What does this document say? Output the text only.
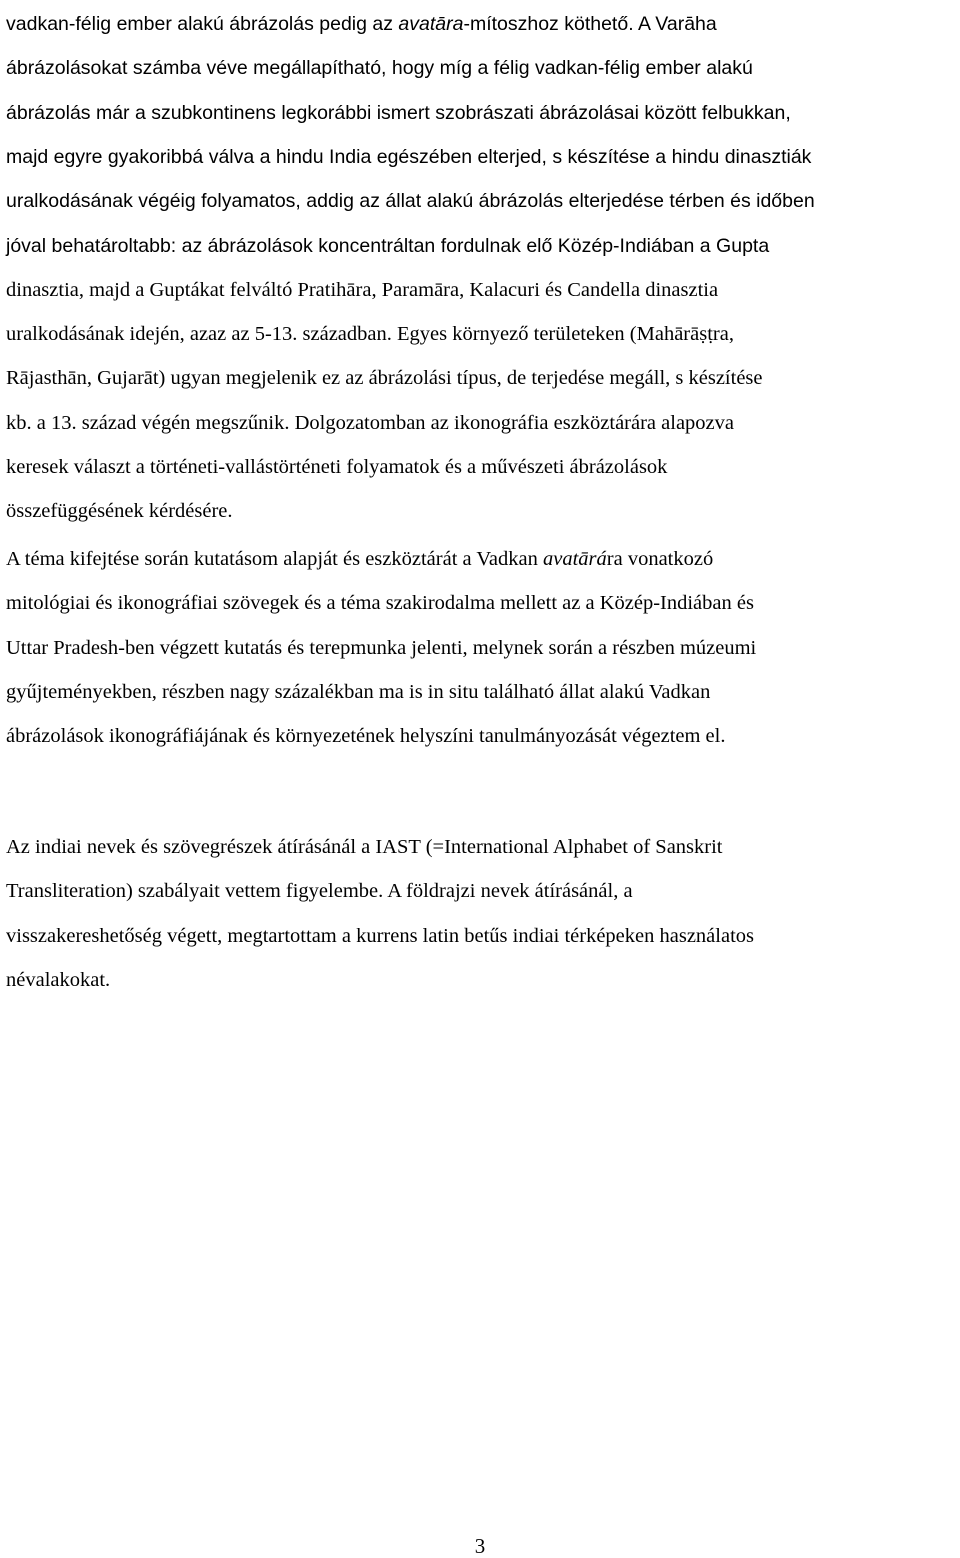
vadkan-félig ember alakú ábrázolás pedig az avatāra-mítoszhoz köthető. A Varāha
ábrázolásokat számba véve megállapítható, hogy míg a félig vadkan-félig ember alakú
ábrázolás már a szubkontinens legkorábbi ismert szobrászati ábrázolásai között felbukkan,
majd egyre gyakoribbá válva a hindu India egészében elterjed, s készítése a hindu dinasztiák
uralkodásának végéig folyamatos, addig az állat alakú ábrázolás elterjedése térben és időben
jóval behatároltabb: az ábrázolások koncentráltan fordulnak elő Közép-Indiában a Gupta
dinasztia, majd a Guptákat felváltó Pratihāra, Paramāra, Kalacuri és Candella dinasztia
uralkodásának idején, azaz az 5-13. században. Egyes környező területeken (Mahārāṣṭra,
Rājasthān, Gujarāt) ugyan megjelenik ez az ábrázolási típus, de terjedése megáll, s készítése
kb. a 13. század végén megszűnik. Dolgozatomban az ikonográfia eszköztárára alapozva
keresek választ a történeti-vallástörténeti folyamatok és a művészeti ábrázolások
összefüggésének kérdésére.
A téma kifejtése során kutatásom alapját és eszköztárát a Vadkan avatārára vonatkozó
mitológiai és ikonográfiai szövegek és a téma szakirodalma mellett az a Közép-Indiában és
Uttar Pradesh-ben végzett kutatás és terepmunka jelenti, melynek során a részben múzeumi
gyűjteményekben, részben nagy százalékban ma is in situ található állat alakú Vadkan
ábrázolások ikonográfiájának és környezetének helyszíni tanulmányozását végeztem el.
Az indiai nevek és szövegrészek átírásánál a IAST (=International Alphabet of Sanskrit
Transliteration) szabályait vettem figyelembe. A földrajzi nevek átírásánál, a
visszakereshetőség végett, megtartottam a kurrens latin betűs indiai térképeken használatos
névalakokat.
3
